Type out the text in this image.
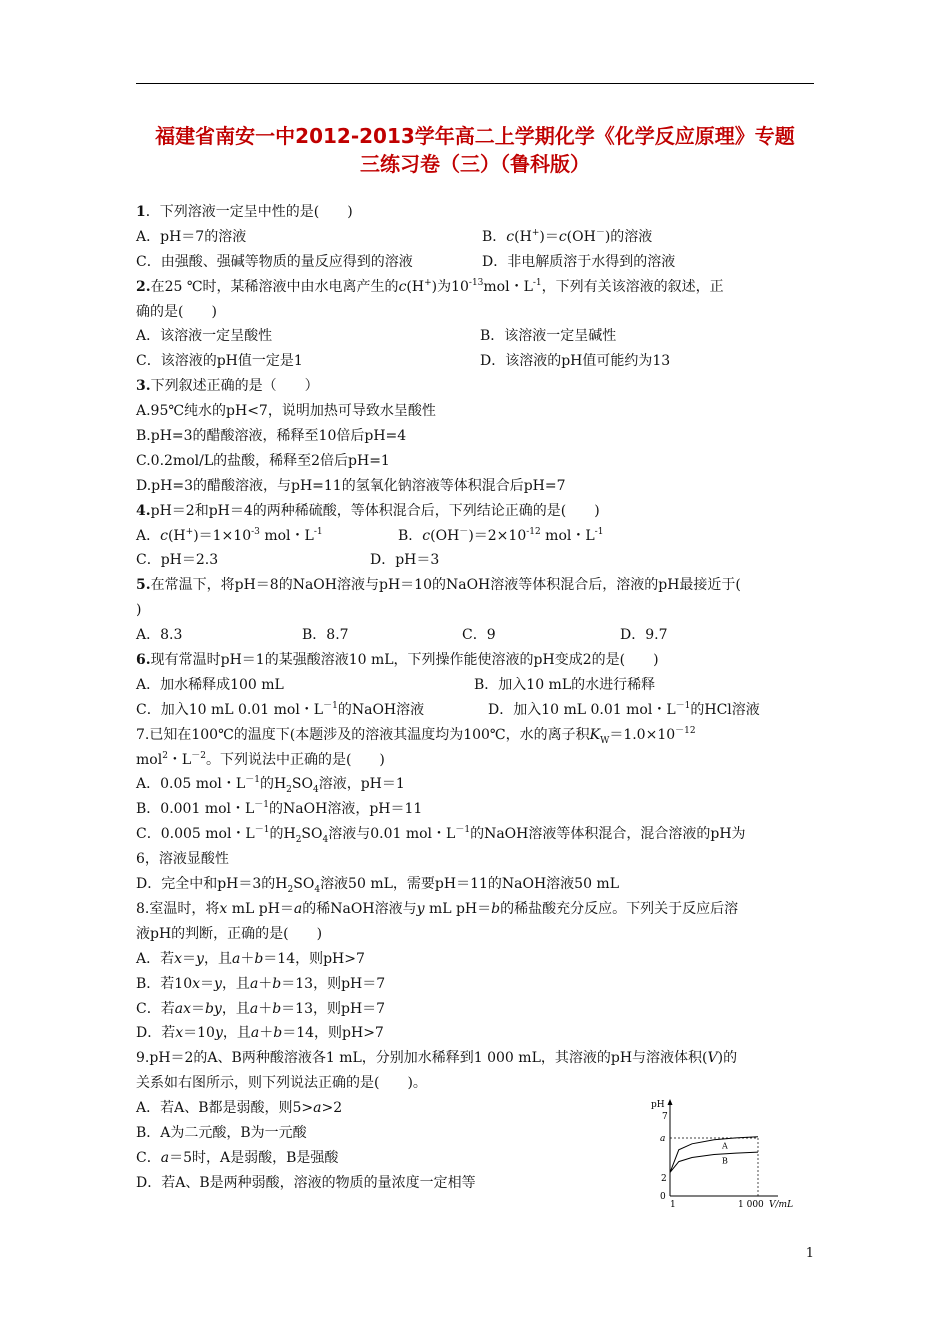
福建省南安一中2012-2013学年高二上学期化学《化学反应原理》专题
三练习卷（三）（鲁科版）
1．下列溶液一定呈中性的是(　　)
A．pH＝7的溶液	B．c(H+)＝c(OH－)的溶液
C．由强酸、强碱等物质的量反应得到的溶液	D．非电解质溶于水得到的溶液
2.在25 ℃时，某稀溶液中由水电离产生的c(H+)为$10^{-13}mol$・$L^{-1}$，下列有关该溶液的叙述，正
确的是(　　)
A．该溶液一定呈酸性	B．该溶液一定呈碱性
C．该溶液的pH值一定是1	D．该溶液的pH值可能约为13
3.下列叙述正确的是（　　）
A.95℃纯水的pH<7，说明加热可导致水呈酸性
B.pH=3的醋酸溶液，稀释至10倍后pH=4
C.0.2mol/L的盐酸，稀释至2倍后pH=1
D.pH=3的醋酸溶液，与pH=11的氢氧化钠溶液等体积混合后pH=7
4.pH＝2和pH＝4的两种稀硫酸，等体积混合后，下列结论正确的是(　　)
A．$c(H^+)=1\times 10^{-3}$ mol・$L^{-1}$	B．$c(OH^-)=2\times 10^{-12}$ mol・$L^{-1}$
C．pH＝2.3	D．pH＝3
5.在常温下，将pH＝8的NaOH溶液与pH＝10的NaOH溶液等体积混合后，溶液的pH最接近于(
)
A．8.3	B．8.7	C．9	D．9.7
6.现有常温时pH＝1的某强酸溶液10 mL，下列操作能使溶液的pH变成2的是(　　)
A．加水稀释成100 mL	B．加入10 mL的水进行稀释
C．加入10 mL 0.01 mol・$L^{-1}$的NaOH溶液	D．加入10 mL 0.01 mol・$L^{-1}$的HCl溶液
7.已知在100℃的温度下(本题涉及的溶液其温度均为100℃，水的离子积$K_W=1.0\times 10^{-12}$
mol$^2$・$L^{-2}$。下列说法中正确的是(　　)
A．0.05 mol・$L^{-1}$的$H_2SO_4$溶液，pH＝1
B．0.001 mol・$L^{-1}$的NaOH溶液，pH＝11
C．0.005 mol・$L^{-1}$的$H_2SO_4$溶液与0.01 mol・$L^{-1}$的NaOH溶液等体积混合，混合溶液的pH为
6，溶液显酸性
D．完全中和pH＝3的$H_2SO_4$溶液50 mL，需要pH＝11的NaOH溶液50 mL
8.室温时，将x mL pH＝a的稀NaOH溶液与y mL pH＝b的稀盐酸充分反应。下列关于反应后溶
液pH的判断，正确的是(　　)
A．若x＝y，且a＋b＝14，则pH>7
B．若10x＝y，且a＋b＝13，则pH＝7
C．若ax＝by，且a＋b＝13，则pH＝7
D．若x＝10y，且a＋b＝14，则pH>7
9.pH＝2的A、B两种酸溶液各1 mL，分别加水稀释到1 000 mL，其溶液的pH与溶液体积(V)的
关系如右图所示，则下列说法正确的是(　　)。
A．若A、B都是弱酸，则5>a>2
B．A为二元酸，B为一元酸
C．a＝5时，A是弱酸，B是强酸
D．若A、B是两种弱酸，溶液的物质的量浓度一定相等
pH
V/mL
0
2
a
7
1	1 000
A
B
1
